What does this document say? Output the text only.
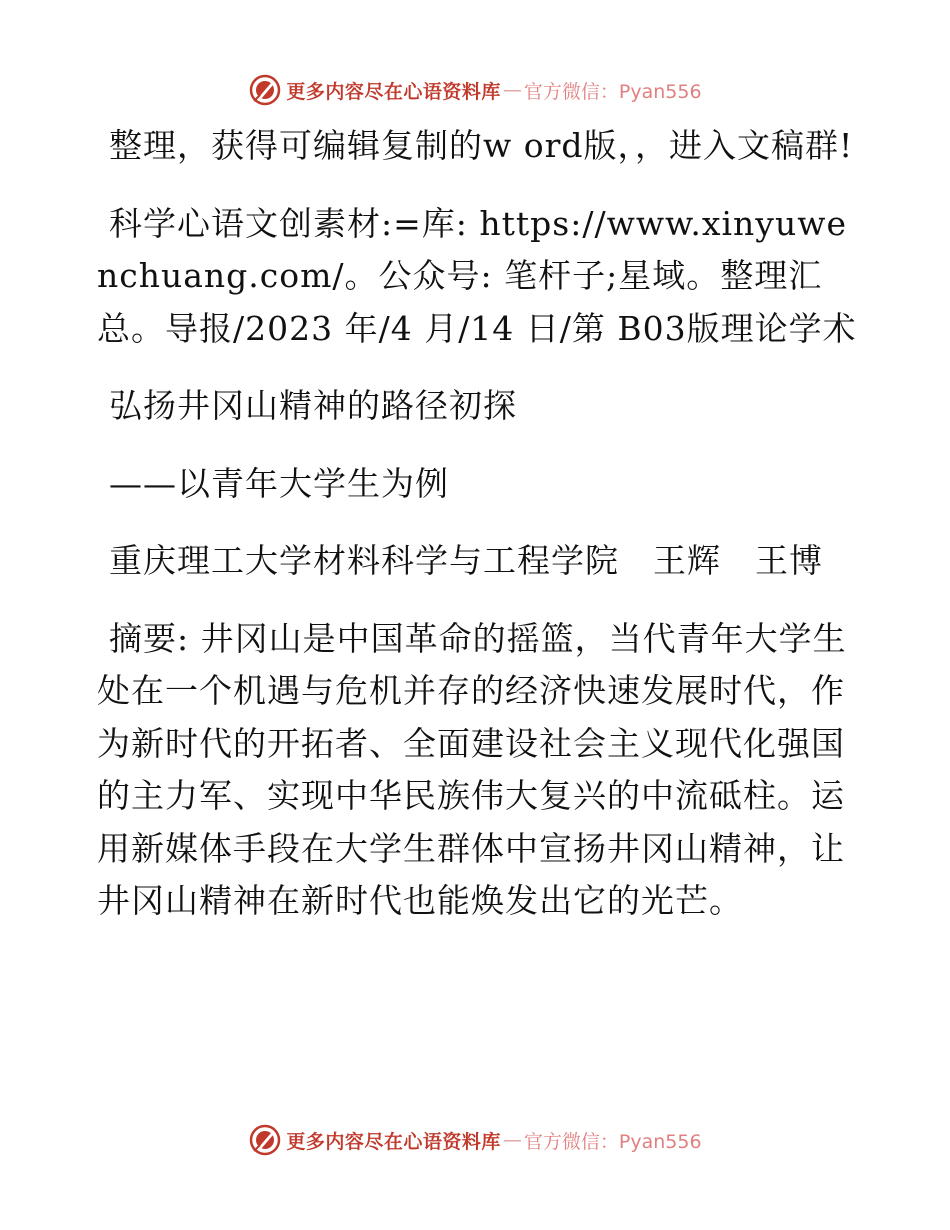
更多内容尽在心语资料库 — 官方微信：Pyan556

整理，获得可编辑复制的w ord版，，进入文稿群!

科学心语文创素材:=库: https://www.xinyuwenchuang.com/。公众号: 笔杆子;星域。整理汇总。导报/2023 年/4 月/14 日/第 B03版理论学术

弘扬井冈山精神的路径初探

——以青年大学生为例

重庆理工大学材料科学与工程学院　王辉　王博

摘要: 井冈山是中国革命的摇篮，当代青年大学生处在一个机遇与危机并存的经济快速发展时代，作为新时代的开拓者、全面建设社会主义现代化强国的主力军、实现中华民族伟大复兴的中流砥柱。运用新媒体手段在大学生群体中宣扬井冈山精神，让井冈山精神在新时代也能焕发出它的光芒。

更多内容尽在心语资料库 — 官方微信：Pyan556
